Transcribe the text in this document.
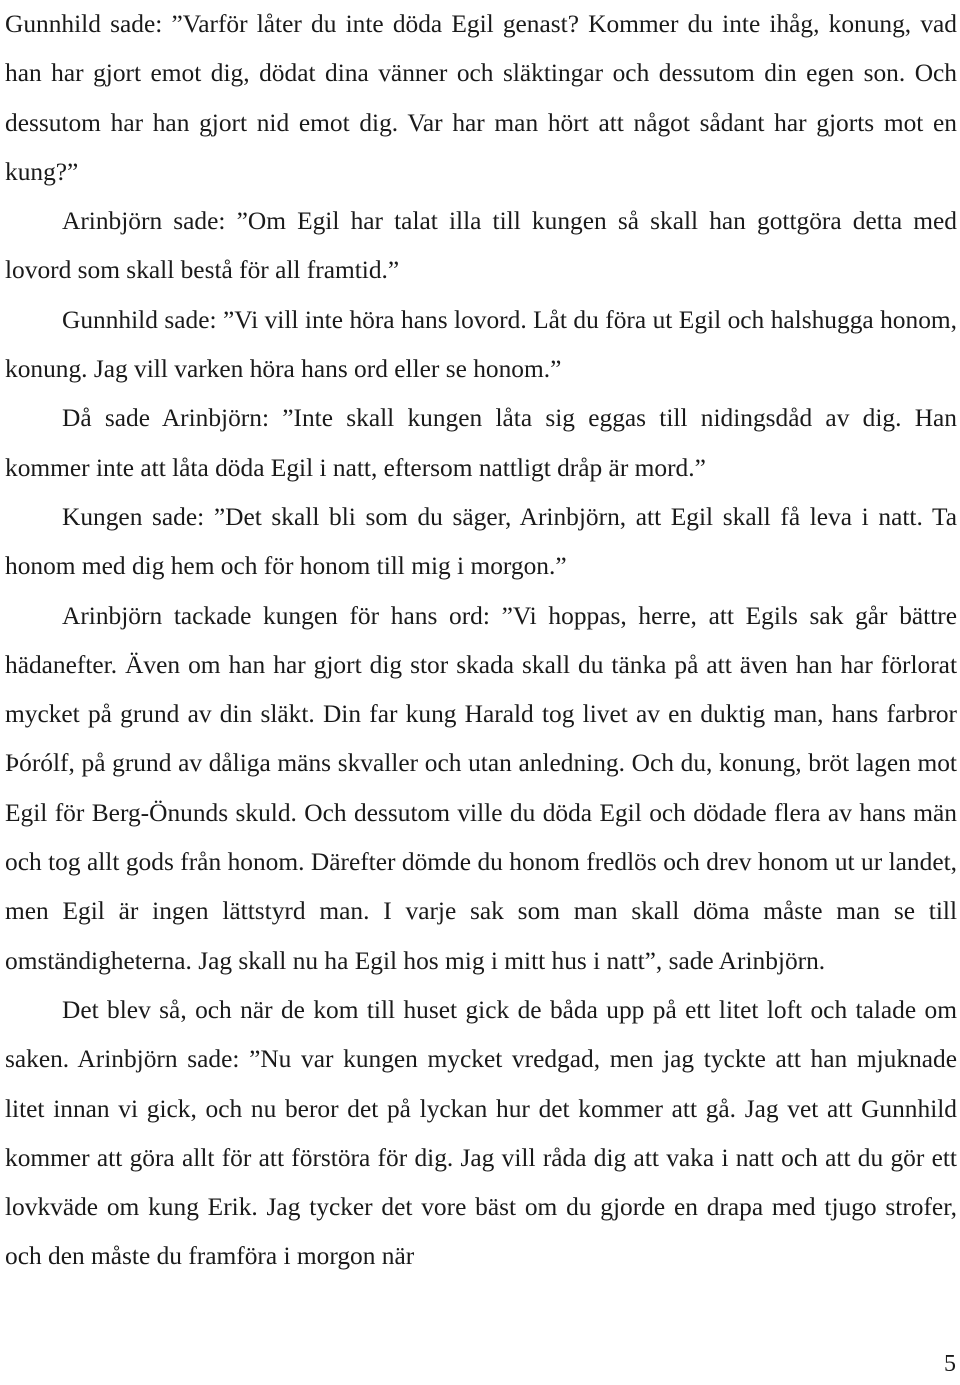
Gunnhild sade: ”Varför låter du inte döda Egil genast? Kommer du inte ihåg, konung, vad han har gjort emot dig, dödat dina vänner och släktingar och dessutom din egen son. Och dessutom har han gjort nid emot dig. Var har man hört att något sådant har gjorts mot en kung?”

Arinbjörn sade: ”Om Egil har talat illa till kungen så skall han gottgöra detta med lovord som skall bestå för all framtid.”

Gunnhild sade: ”Vi vill inte höra hans lovord. Låt du föra ut Egil och halshugga honom, konung. Jag vill varken höra hans ord eller se honom.”

Då sade Arinbjörn: ”Inte skall kungen låta sig eggas till nidingsdåd av dig. Han kommer inte att låta döda Egil i natt, eftersom nattligt dråp är mord.”

Kungen sade: ”Det skall bli som du säger, Arinbjörn, att Egil skall få leva i natt. Ta honom med dig hem och för honom till mig i morgon.”

Arinbjörn tackade kungen för hans ord: ”Vi hoppas, herre, att Egils sak går bättre hädanefter. Även om han har gjort dig stor skada skall du tänka på att även han har förlorat mycket på grund av din släkt. Din far kung Harald tog livet av en duktig man, hans farbror Þórólf, på grund av dåliga mäns skvaller och utan anledning. Och du, konung, bröt lagen mot Egil för Berg-Önunds skuld. Och dessutom ville du döda Egil och dödade flera av hans män och tog allt gods från honom. Därefter dömde du honom fredlös och drev honom ut ur landet, men Egil är ingen lättstyrd man. I varje sak som man skall döma måste man se till omständigheterna. Jag skall nu ha Egil hos mig i mitt hus i natt”, sade Arinbjörn.

Det blev så, och när de kom till huset gick de båda upp på ett litet loft och talade om saken. Arinbjörn sade: ”Nu var kungen mycket vredgad, men jag tyckte att han mjuknade litet innan vi gick, och nu beror det på lyckan hur det kommer att gå. Jag vet att Gunnhild kommer att göra allt för att förstöra för dig. Jag vill råda dig att vaka i natt och att du gör ett lovkväde om kung Erik. Jag tycker det vore bäst om du gjorde en drapa med tjugo strofer, och den måste du framföra i morgon när

5
